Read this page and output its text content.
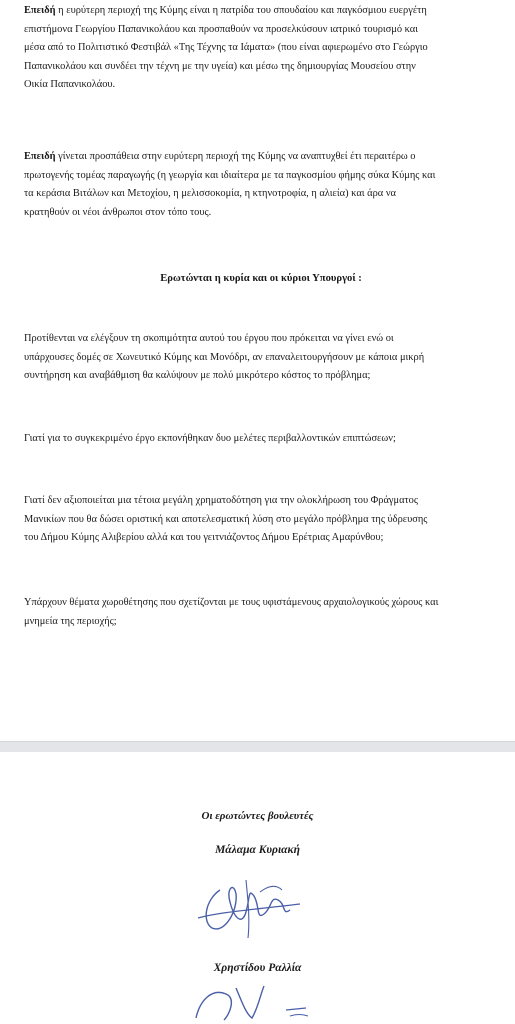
Επειδή η ευρύτερη περιοχή της Κύμης είναι η πατρίδα του σπουδαίου και παγκόσμιου ευεργέτη
επιστήμονα Γεωργίου Παπανικολάου και προσπαθούν να προσελκύσουν ιατρικό τουρισμό και
μέσα από το Πολιτιστικό Φεστιβάλ «Της Τέχνης τα Ιάματα» (που είναι αφιερωμένο στο Γεώργιο
Παπανικολάου και συνδέει την τέχνη με την υγεία) και μέσω της δημιουργίας Μουσείου στην
Οικία Παπανικολάου.

Επειδή γίνεται προσπάθεια στην ευρύτερη περιοχή της Κύμης να αναπτυχθεί έτι περαιτέρω ο
πρωτογενής τομέας παραγωγής (η γεωργία και ιδιαίτερα με τα παγκοσμίου φήμης σύκα Κύμης και
τα κεράσια Βιτάλων και Μετοχίου, η μελισσοκομία, η κτηνοτροφία, η αλιεία) και άρα να
κρατηθούν οι νέοι άνθρωποι στον τόπο τους.

Ερωτώνται η κυρία και οι κύριοι Υπουργοί :

Προτίθενται να ελέγξουν τη σκοπιμότητα αυτού του έργου που πρόκειται να γίνει ενώ οι
υπάρχουσες δομές σε Χωνευτικό Κύμης και Μονόδρι, αν επαναλειτουργήσουν με κάποια μικρή
συντήρηση και αναβάθμιση θα καλύψουν με πολύ μικρότερο κόστος το πρόβλημα;

Γιατί για το συγκεκριμένο έργο εκπονήθηκαν δυο μελέτες περιβαλλοντικών επιπτώσεων;

Γιατί δεν αξιοποιείται μια τέτοια μεγάλη χρηματοδότηση για την ολοκλήρωση του Φράγματος
Μανικίων που θα δώσει οριστική και αποτελεσματική λύση στο μεγάλο πρόβλημα της ύδρευσης
του Δήμου Κύμης Αλιβερίου αλλά και του γειτνιάζοντος Δήμου Ερέτριας Αμαρύνθου;

Υπάρχουν θέματα χωροθέτησης που σχετίζονται με τους υφιστάμενους αρχαιολογικούς χώρους και
μνημεία της περιοχής;

Οι ερωτώντες βουλευτές
Μάλαμα Κυριακή
Χρηστίδου Ραλλία
